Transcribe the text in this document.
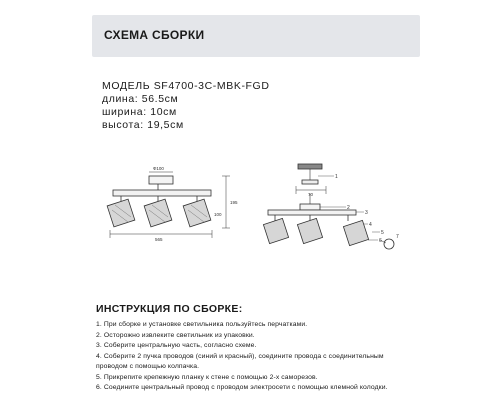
СХЕМА СБОРКИ
МОДЕЛЬ SF4700-3C-MBK-FGD
длина: 56.5см
ширина: 10см
высота: 19,5см
Ф100
565
195
100
70
1
2
3
4
5
6
7
ИНСТРУКЦИЯ ПО СБОРКЕ:
1. При сборке и установке светильника пользуйтесь перчатками.
2. Осторожно извлеките светильник из упаковки.
3. Соберите центральную часть, согласно схеме.
4. Соберите 2 пучка проводов (синий и красный), соедините провода с соединительным
проводом с помощью колпачка.
5. Прикрепите крепежную планку к стене с помощью 2-х саморезов.
6. Соедините центральный провод с проводом электросети с помощью клемной колодки.
